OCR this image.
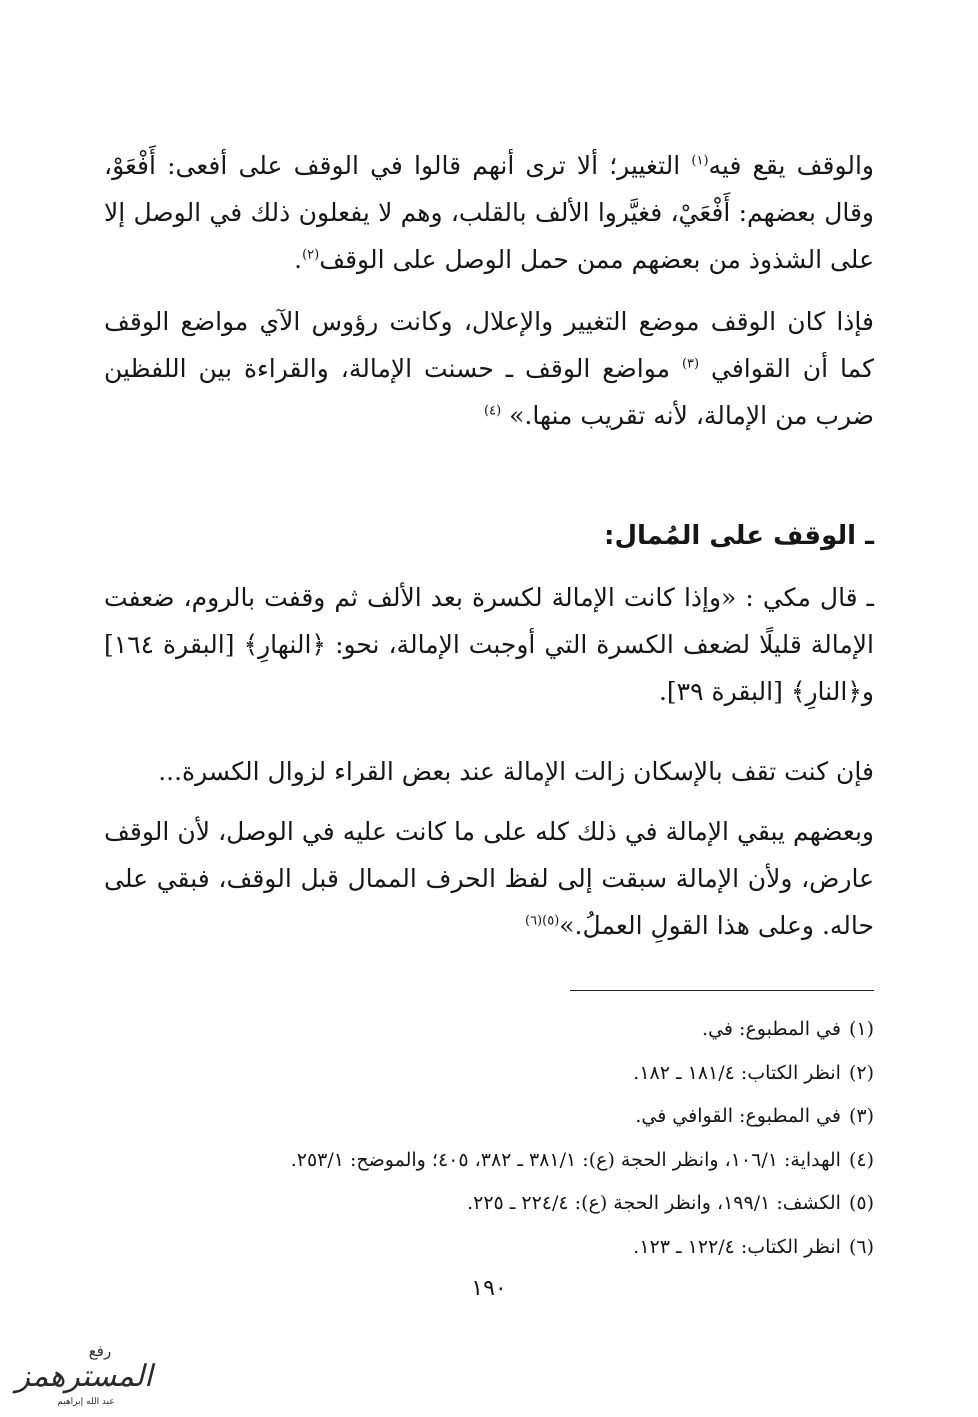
والوقف يقع فيه$^{(١)}$ التغيير؛ ألا ترى أنهم قالوا في الوقف على أفعى: أَفْعَوْ، وقال بعضهم: أَفْعَيْ، فغيَّروا الألف بالقلب، وهم لا يفعلون ذلك في الوصل إلا على الشذوذ من بعضهم ممن حمل الوصل على الوقف$^{(٢)}$.

فإذا كان الوقف موضع التغيير والإعلال، وكانت رؤوس الآي مواضع الوقف كما أن القوافي $^{(٣)}$ مواضع الوقف ـ حسنت الإمالة، والقراءة بين اللفظين ضرب من الإمالة، لأنه تقريب منها.» $^{(٤)}$

ـ الوقف على المُمال:

ـ قال مكي : «وإذا كانت الإمالة لكسرة بعد الألف ثم وقفت بالروم، ضعفت الإمالة قليلًا لضعف الكسرة التي أوجبت الإمالة، نحو: ﴿النهارِ﴾ [البقرة ١٦٤] و﴿النارِ﴾ [البقرة ٣٩].

فإن كنت تقف بالإسكان زالت الإمالة عند بعض القراء لزوال الكسرة...

وبعضهم يبقي الإمالة في ذلك كله على ما كانت عليه في الوصل، لأن الوقف عارض، ولأن الإمالة سبقت إلى لفظ الحرف الممال قبل الوقف، فبقي على حاله. وعلى هذا القولِ العملُ.»$^{(٥)(٦)}$

(١)في المطبوع: في.
(٢)انظر الكتاب: ١٨١/٤ ـ ١٨٢.
(٣)في المطبوع: القوافي في.
(٤)الهداية: ١٠٦/١، وانظر الحجة (ع): ٣٨١/١ ـ ٣٨٢، ٤٠٥؛ والموضح: ٢٥٣/١.
(٥)الكشف: ١٩٩/١، وانظر الحجة (ع): ٢٢٤/٤ ـ ٢٢٥.
(٦)انظر الكتاب: ١٢٢/٤ ـ ١٢٣.
١٩٠
رفع
المسترهمز
عبد الله إبراهيم
